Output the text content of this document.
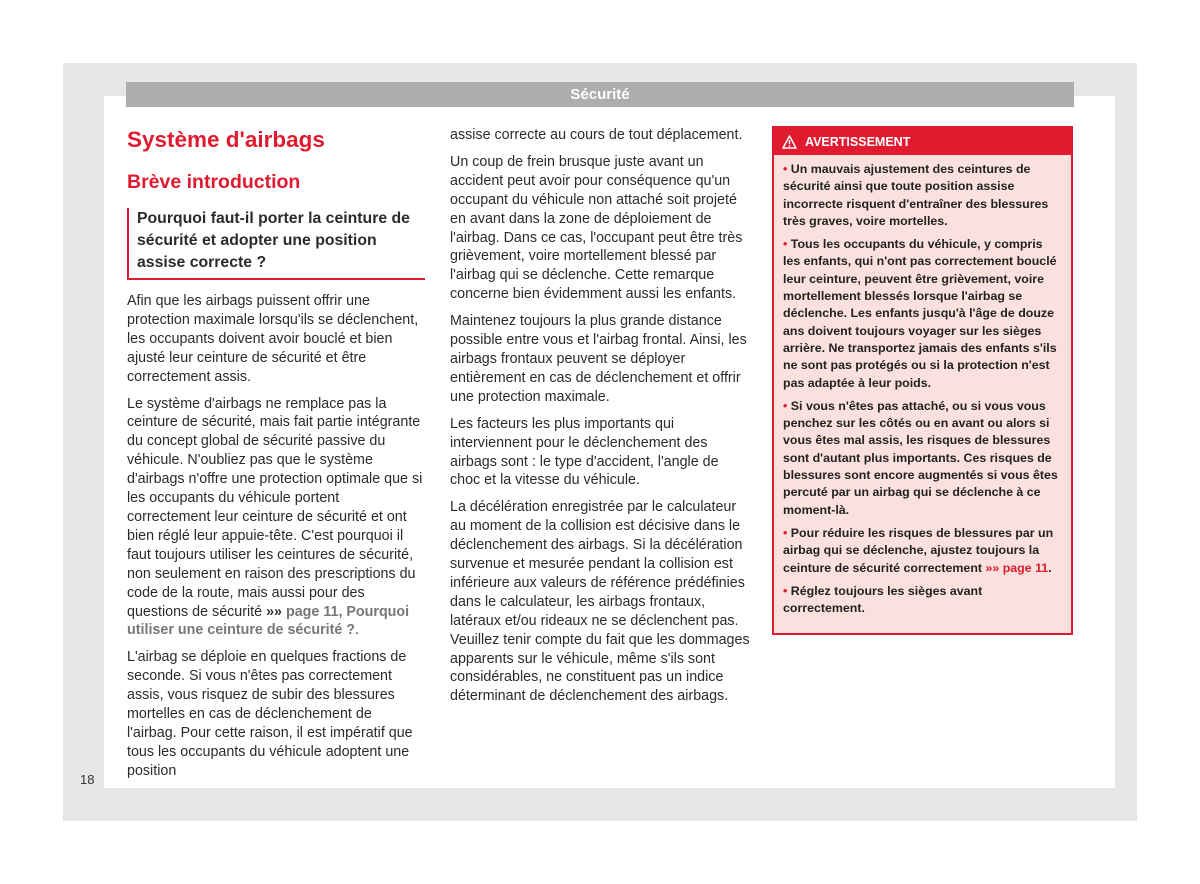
Sécurité
Système d'airbags
Brève introduction
Pourquoi faut-il porter la ceinture de sécurité et adopter une position assise correcte ?

Afin que les airbags puissent offrir une protection maximale lorsqu'ils se déclenchent, les occupants doivent avoir bouclé et bien ajusté leur ceinture de sécurité et être correctement assis.

Le système d'airbags ne remplace pas la ceinture de sécurité, mais fait partie intégrante du concept global de sécurité passive du véhicule. N'oubliez pas que le système d'airbags n'offre une protection optimale que si les occupants du véhicule portent correctement leur ceinture de sécurité et ont bien réglé leur appuie-tête. C'est pourquoi il faut toujours utiliser les ceintures de sécurité, non seulement en raison des prescriptions du code de la route, mais aussi pour des questions de sécurité »» page 11, Pourquoi utiliser une ceinture de sécurité ?.

L'airbag se déploie en quelques fractions de seconde. Si vous n'êtes pas correctement assis, vous risquez de subir des blessures mortelles en cas de déclenchement de l'airbag. Pour cette raison, il est impératif que tous les occupants du véhicule adoptent une position

assise correcte au cours de tout déplacement.

Un coup de frein brusque juste avant un accident peut avoir pour conséquence qu'un occupant du véhicule non attaché soit projeté en avant dans la zone de déploiement de l'airbag. Dans ce cas, l'occupant peut être très grièvement, voire mortellement blessé par l'airbag qui se déclenche. Cette remarque concerne bien évidemment aussi les enfants.

Maintenez toujours la plus grande distance possible entre vous et l'airbag frontal. Ainsi, les airbags frontaux peuvent se déployer entièrement en cas de déclenchement et offrir une protection maximale.

Les facteurs les plus importants qui interviennent pour le déclenchement des airbags sont : le type d'accident, l'angle de choc et la vitesse du véhicule.

La décélération enregistrée par le calculateur au moment de la collision est décisive dans le déclenchement des airbags. Si la décélération survenue et mesurée pendant la collision est inférieure aux valeurs de référence prédéfinies dans le calculateur, les airbags frontaux, latéraux et/ou rideaux ne se déclenchent pas. Veuillez tenir compte du fait que les dommages apparents sur le véhicule, même s'ils sont considérables, ne constituent pas un indice déterminant de déclenchement des airbags.

AVERTISSEMENT
• Un mauvais ajustement des ceintures de sécurité ainsi que toute position assise incorrecte risquent d'entraîner des blessures très graves, voire mortelles.
• Tous les occupants du véhicule, y compris les enfants, qui n'ont pas correctement bouclé leur ceinture, peuvent être grièvement, voire mortellement blessés lorsque l'airbag se déclenche. Les enfants jusqu'à l'âge de douze ans doivent toujours voyager sur les sièges arrière. Ne transportez jamais des enfants s'ils ne sont pas protégés ou si la protection n'est pas adaptée à leur poids.
• Si vous n'êtes pas attaché, ou si vous vous penchez sur les côtés ou en avant ou alors si vous êtes mal assis, les risques de blessures sont d'autant plus importants. Ces risques de blessures sont encore augmentés si vous êtes percuté par un airbag qui se déclenche à ce moment-là.
• Pour réduire les risques de blessures par un airbag qui se déclenche, ajustez toujours la ceinture de sécurité correctement »» page 11.
• Réglez toujours les sièges avant correctement.
18
